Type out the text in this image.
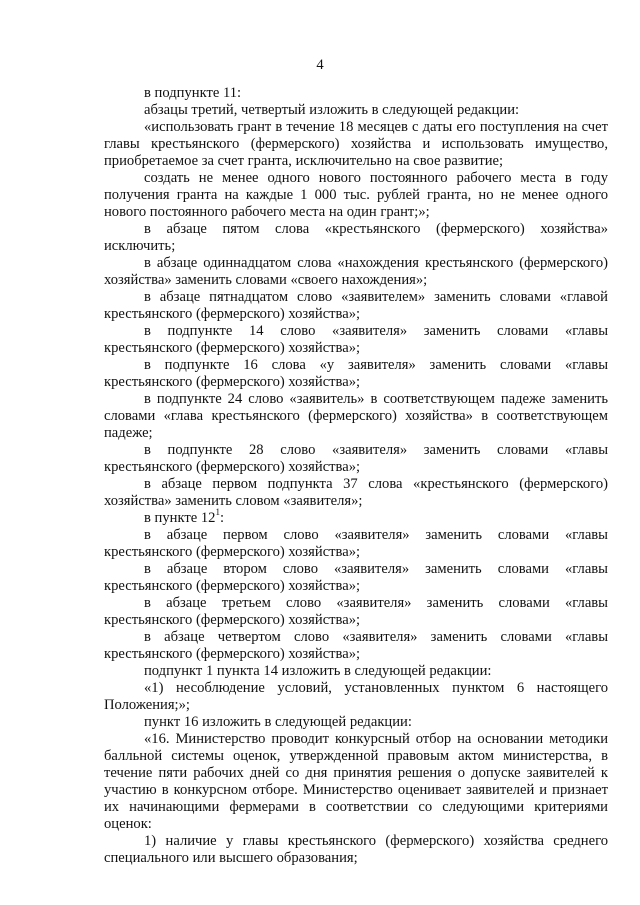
4

в подпункте 11:

абзацы третий, четвертый изложить в следующей редакции:

«использовать грант в течение 18 месяцев с даты его поступления на счет главы крестьянского (фермерского) хозяйства и использовать имущество, приобретаемое за счет гранта, исключительно на свое развитие;

создать не менее одного нового постоянного рабочего места в году получения гранта на каждые 1 000 тыс. рублей гранта, но не менее одного нового постоянного рабочего места на один грант;»;

в абзаце пятом слова «крестьянского (фермерского) хозяйства» исключить;

в абзаце одиннадцатом слова «нахождения крестьянского (фермерского) хозяйства» заменить словами «своего нахождения»;

в абзаце пятнадцатом слово «заявителем» заменить словами «главой крестьянского (фермерского) хозяйства»;

в подпункте 14 слово «заявителя» заменить словами «главы крестьянского (фермерского) хозяйства»;

в подпункте 16 слова «у заявителя» заменить словами «главы крестьянского (фермерского) хозяйства»;

в подпункте 24 слово «заявитель» в соответствующем падеже заменить словами «глава крестьянского (фермерского) хозяйства» в соответствующем падеже;

в подпункте 28 слово «заявителя» заменить словами «главы крестьянского (фермерского) хозяйства»;

в абзаце первом подпункта 37 слова «крестьянского (фермерского) хозяйства» заменить словом «заявителя»;

в пункте $12^1$:

в абзаце первом слово «заявителя» заменить словами «главы крестьянского (фермерского) хозяйства»;

в абзаце втором слово «заявителя» заменить словами «главы крестьянского (фермерского) хозяйства»;

в абзаце третьем слово «заявителя» заменить словами «главы крестьянского (фермерского) хозяйства»;

в абзаце четвертом слово «заявителя» заменить словами «главы крестьянского (фермерского) хозяйства»;

подпункт 1 пункта 14 изложить в следующей редакции:

«1) несоблюдение условий, установленных пунктом 6 настоящего Положения;»;

пункт 16 изложить в следующей редакции:

«16. Министерство проводит конкурсный отбор на основании методики балльной системы оценок, утвержденной правовым актом министерства, в течение пяти рабочих дней со дня принятия решения о допуске заявителей к участию в конкурсном отборе. Министерство оценивает заявителей и признает их начинающими фермерами в соответствии со следующими критериями оценок:

1) наличие у главы крестьянского (фермерского) хозяйства среднего специального или высшего образования;
